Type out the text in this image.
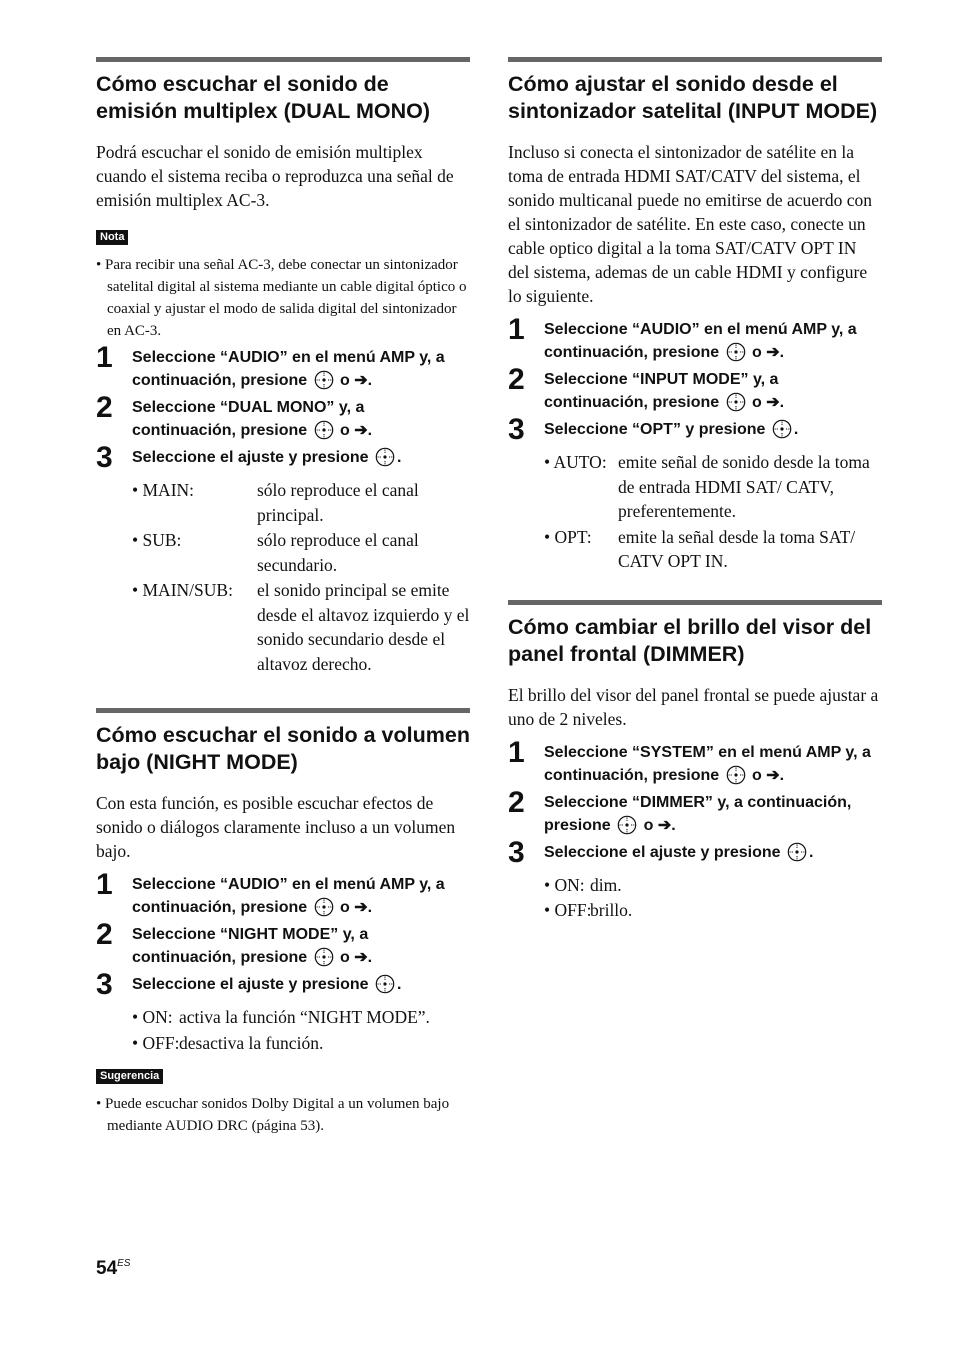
Cómo escuchar el sonido de emisión multiplex (DUAL MONO)

Podrá escuchar el sonido de emisión multiplex cuando el sistema reciba o reproduzca una señal de emisión multiplex AC-3.

Nota

• Para recibir una señal AC-3, debe conectar un sintonizador satelital digital al sistema mediante un cable digital óptico o coaxial y ajustar el modo de salida digital del sintonizador en AC-3.

1 Seleccione “AUDIO” en el menú AMP y, a continuación, presione o ➔.
2 Seleccione “DUAL MONO” y, a continuación, presione o ➔.
3 Seleccione el ajuste y presione .
• MAIN:	sólo reproduce el canal principal.
• SUB:	sólo reproduce el canal secundario.
• MAIN/SUB:	el sonido principal se emite desde el altavoz izquierdo y el sonido secundario desde el altavoz derecho.
Cómo escuchar el sonido a volumen bajo (NIGHT MODE)

Con esta función, es posible escuchar efectos de sonido o diálogos claramente incluso a un volumen bajo.

1 Seleccione “AUDIO” en el menú AMP y, a continuación, presione o ➔.
2 Seleccione “NIGHT MODE” y, a continuación, presione o ➔.
3 Seleccione el ajuste y presione .
• ON: activa la función “NIGHT MODE”.
• OFF: desactiva la función.
Sugerencia

• Puede escuchar sonidos Dolby Digital a un volumen bajo mediante AUDIO DRC (página 53).

Cómo ajustar el sonido desde el sintonizador satelital (INPUT MODE)

Incluso si conecta el sintonizador de satélite en la toma de entrada HDMI SAT/CATV del sistema, el sonido multicanal puede no emitirse de acuerdo con el sintonizador de satélite. En este caso, conecte un cable optico digital a la toma SAT/CATV OPT IN del sistema, ademas de un cable HDMI y configure lo siguiente.

1 Seleccione “AUDIO” en el menú AMP y, a continuación, presione o ➔.
2 Seleccione “INPUT MODE” y, a continuación, presione o ➔.
3 Seleccione “OPT” y presione .
• AUTO: emite señal de sonido desde la toma de entrada HDMI SAT/ CATV, preferentemente.
• OPT:	emite la señal desde la toma SAT/ CATV OPT IN.
Cómo cambiar el brillo del visor del panel frontal (DIMMER)

El brillo del visor del panel frontal se puede ajustar a uno de 2 niveles.

1 Seleccione “SYSTEM” en el menú AMP y, a continuación, presione o ➔.
2 Seleccione “DIMMER” y, a continuación, presione o ➔.
3 Seleccione el ajuste y presione .
• ON: dim.
• OFF:
brillo.
$54^{ES}$
